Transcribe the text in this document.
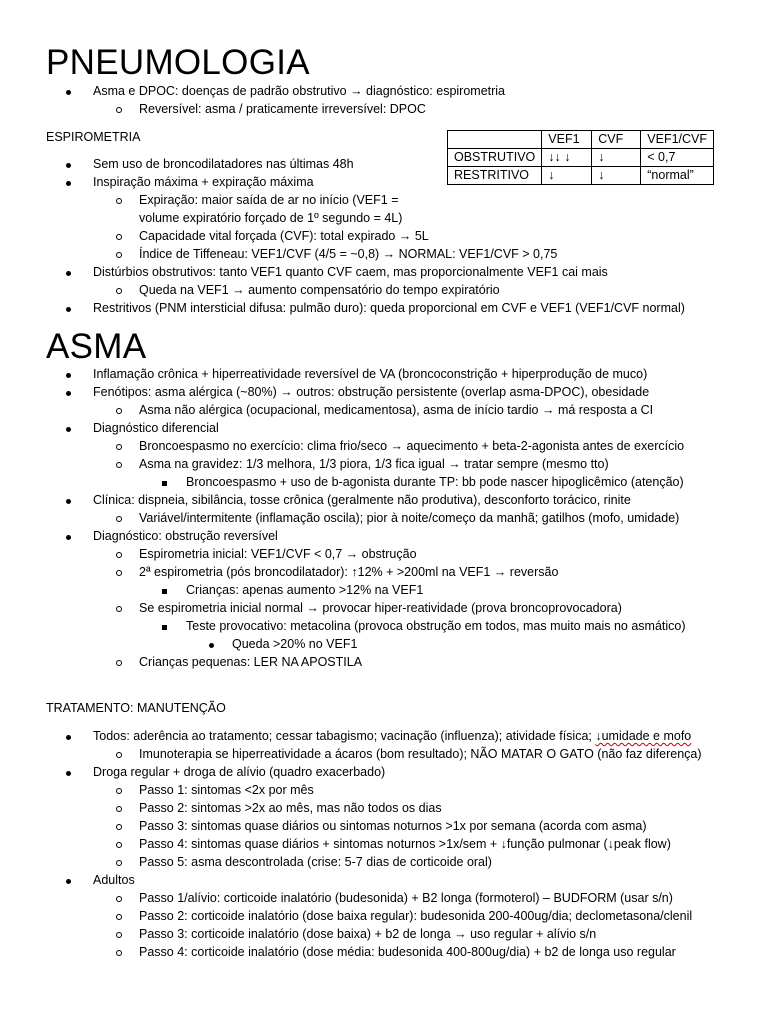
PNEUMOLOGIA
Asma e DPOC: doenças de padrão obstrutivo → diagnóstico: espirometria
Reversível: asma / praticamente irreversível: DPOC
ESPIROMETRIA
		VEF1	CVF	VEF1/CVF
OBSTRUTIVO	↓↓ ↓	↓	< 0,7
RESTRITIVO	↓	↓	“normal”
Sem uso de broncodilatadores nas últimas 48h
Inspiração máxima + expiração máxima
Expiração: maior saída de ar no início (VEF1 = volume expiratório forçado de 1º segundo = 4L)
Capacidade vital forçada (CVF): total expirado → 5L
Índice de Tiffeneau: VEF1/CVF (4/5 = ~0,8) → NORMAL: VEF1/CVF > 0,75
Distúrbios obstrutivos: tanto VEF1 quanto CVF caem, mas proporcionalmente VEF1 cai mais
Queda na VEF1 → aumento compensatório do tempo expiratório
Restritivos (PNM intersticial difusa: pulmão duro): queda proporcional em CVF e VEF1 (VEF1/CVF normal)
ASMA
Inflamação crônica + hiperreatividade reversível de VA (broncoconstrição + hiperprodução de muco)
Fenótipos: asma alérgica (~80%) → outros: obstrução persistente (overlap asma-DPOC), obesidade
Asma não alérgica (ocupacional, medicamentosa), asma de início tardio → má resposta a CI
Diagnóstico diferencial
Broncoespasmo no exercício: clima frio/seco → aquecimento + beta-2-agonista antes de exercício
Asma na gravidez: 1/3 melhora, 1/3 piora, 1/3 fica igual → tratar sempre (mesmo tto)
Broncoespasmo + uso de b-agonista durante TP: bb pode nascer hipoglicêmico (atenção)
Clínica: dispneia, sibilância, tosse crônica (geralmente não produtiva), desconforto torácico, rinite
Variável/intermitente (inflamação oscila); pior à noite/começo da manhã; gatilhos (mofo, umidade)
Diagnóstico: obstrução reversível
Espirometria inicial: VEF1/CVF < 0,7 → obstrução
2ª espirometria (pós broncodilatador): ↑12% + >200ml na VEF1 → reversão
Crianças: apenas aumento >12% na VEF1
Se espirometria inicial normal → provocar hiper-reatividade (prova broncoprovocadora)
Teste provocativo: metacolina (provoca obstrução em todos, mas muito mais no asmático)
Queda >20% no VEF1
Crianças pequenas: LER NA APOSTILA
TRATAMENTO: MANUTENÇÃO
Todos: aderência ao tratamento; cessar tabagismo; vacinação (influenza); atividade física; ↓umidade e mofo
Imunoterapia se hiperreatividade a ácaros (bom resultado); NÃO MATAR O GATO (não faz diferença)
Droga regular + droga de alívio (quadro exacerbado)
Passo 1: sintomas <2x por mês
Passo 2: sintomas >2x ao mês, mas não todos os dias
Passo 3: sintomas quase diários ou sintomas noturnos >1x por semana (acorda com asma)
Passo 4: sintomas quase diários + sintomas noturnos >1x/sem + ↓função pulmonar (↓peak flow)
Passo 5: asma descontrolada (crise: 5-7 dias de corticoide oral)
Adultos
Passo 1/alívio: corticoide inalatório (budesonida) + B2 longa (formoterol) – BUDFORM (usar s/n)
Passo 2: corticoide inalatório (dose baixa regular): budesonida 200-400ug/dia; declometasona/clenil
Passo 3: corticoide inalatório (dose baixa) + b2 de longa → uso regular + alívio s/n
Passo 4: corticoide inalatório (dose média: budesonida 400-800ug/dia) + b2 de longa uso regular
